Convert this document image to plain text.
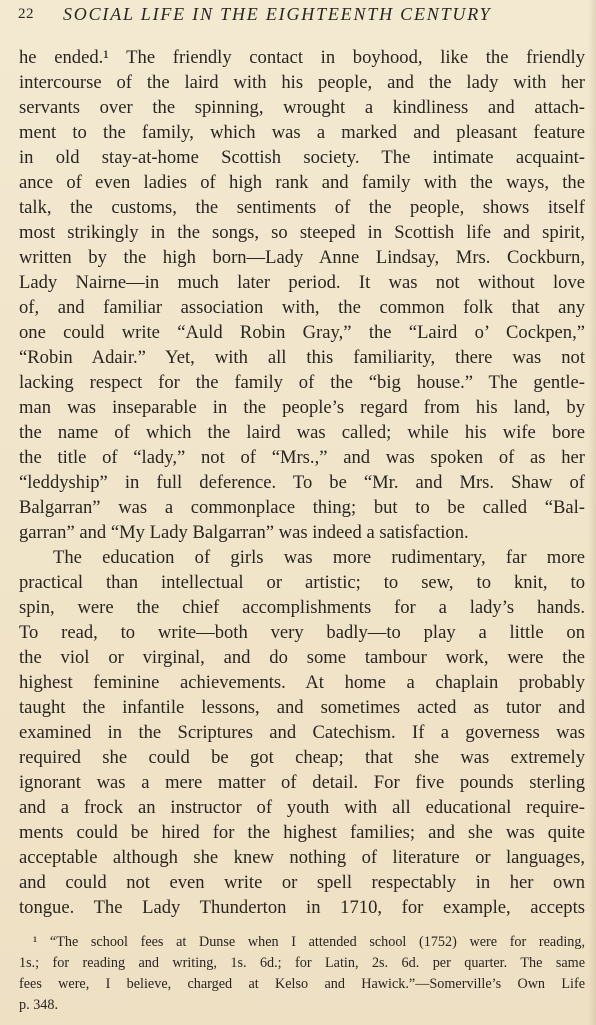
22 SOCIAL LIFE IN THE EIGHTEENTH CENTURY
he ended.¹ The friendly contact in boyhood, like the friendly
intercourse of the laird with his people, and the lady with her
servants over the spinning, wrought a kindliness and attach-
ment to the family, which was a marked and pleasant feature
in old stay-at-home Scottish society. The intimate acquaint-
ance of even ladies of high rank and family with the ways, the
talk, the customs, the sentiments of the people, shows itself
most strikingly in the songs, so steeped in Scottish life and spirit,
written by the high born—Lady Anne Lindsay, Mrs. Cockburn,
Lady Nairne—in much later period. It was not without love
of, and familiar association with, the common folk that any
one could write “Auld Robin Gray,” the “Laird o’ Cockpen,”
“Robin Adair.” Yet, with all this familiarity, there was not
lacking respect for the family of the “big house.” The gentle-
man was inseparable in the people’s regard from his land, by
the name of which the laird was called; while his wife bore
the title of “lady,” not of “Mrs.,” and was spoken of as her
“leddyship” in full deference. To be “Mr. and Mrs. Shaw of
Balgarran” was a commonplace thing; but to be called “Bal-
garran” and “My Lady Balgarran” was indeed a satisfaction.
The education of girls was more rudimentary, far more
practical than intellectual or artistic; to sew, to knit, to
spin, were the chief accomplishments for a lady’s hands.
To read, to write—both very badly—to play a little on
the viol or virginal, and do some tambour work, were the
highest feminine achievements. At home a chaplain probably
taught the infantile lessons, and sometimes acted as tutor and
examined in the Scriptures and Catechism. If a governess was
required she could be got cheap; that she was extremely
ignorant was a mere matter of detail. For five pounds sterling
and a frock an instructor of youth with all educational require-
ments could be hired for the highest families; and she was quite
acceptable although she knew nothing of literature or languages,
and could not even write or spell respectably in her own
tongue. The Lady Thunderton in 1710, for example, accepts
¹ “The school fees at Dunse when I attended school (1752) were for reading,
1s.; for reading and writing, 1s. 6d.; for Latin, 2s. 6d. per quarter. The same
fees were, I believe, charged at Kelso and Hawick.”—Somerville’s Own Life
p. 348.
